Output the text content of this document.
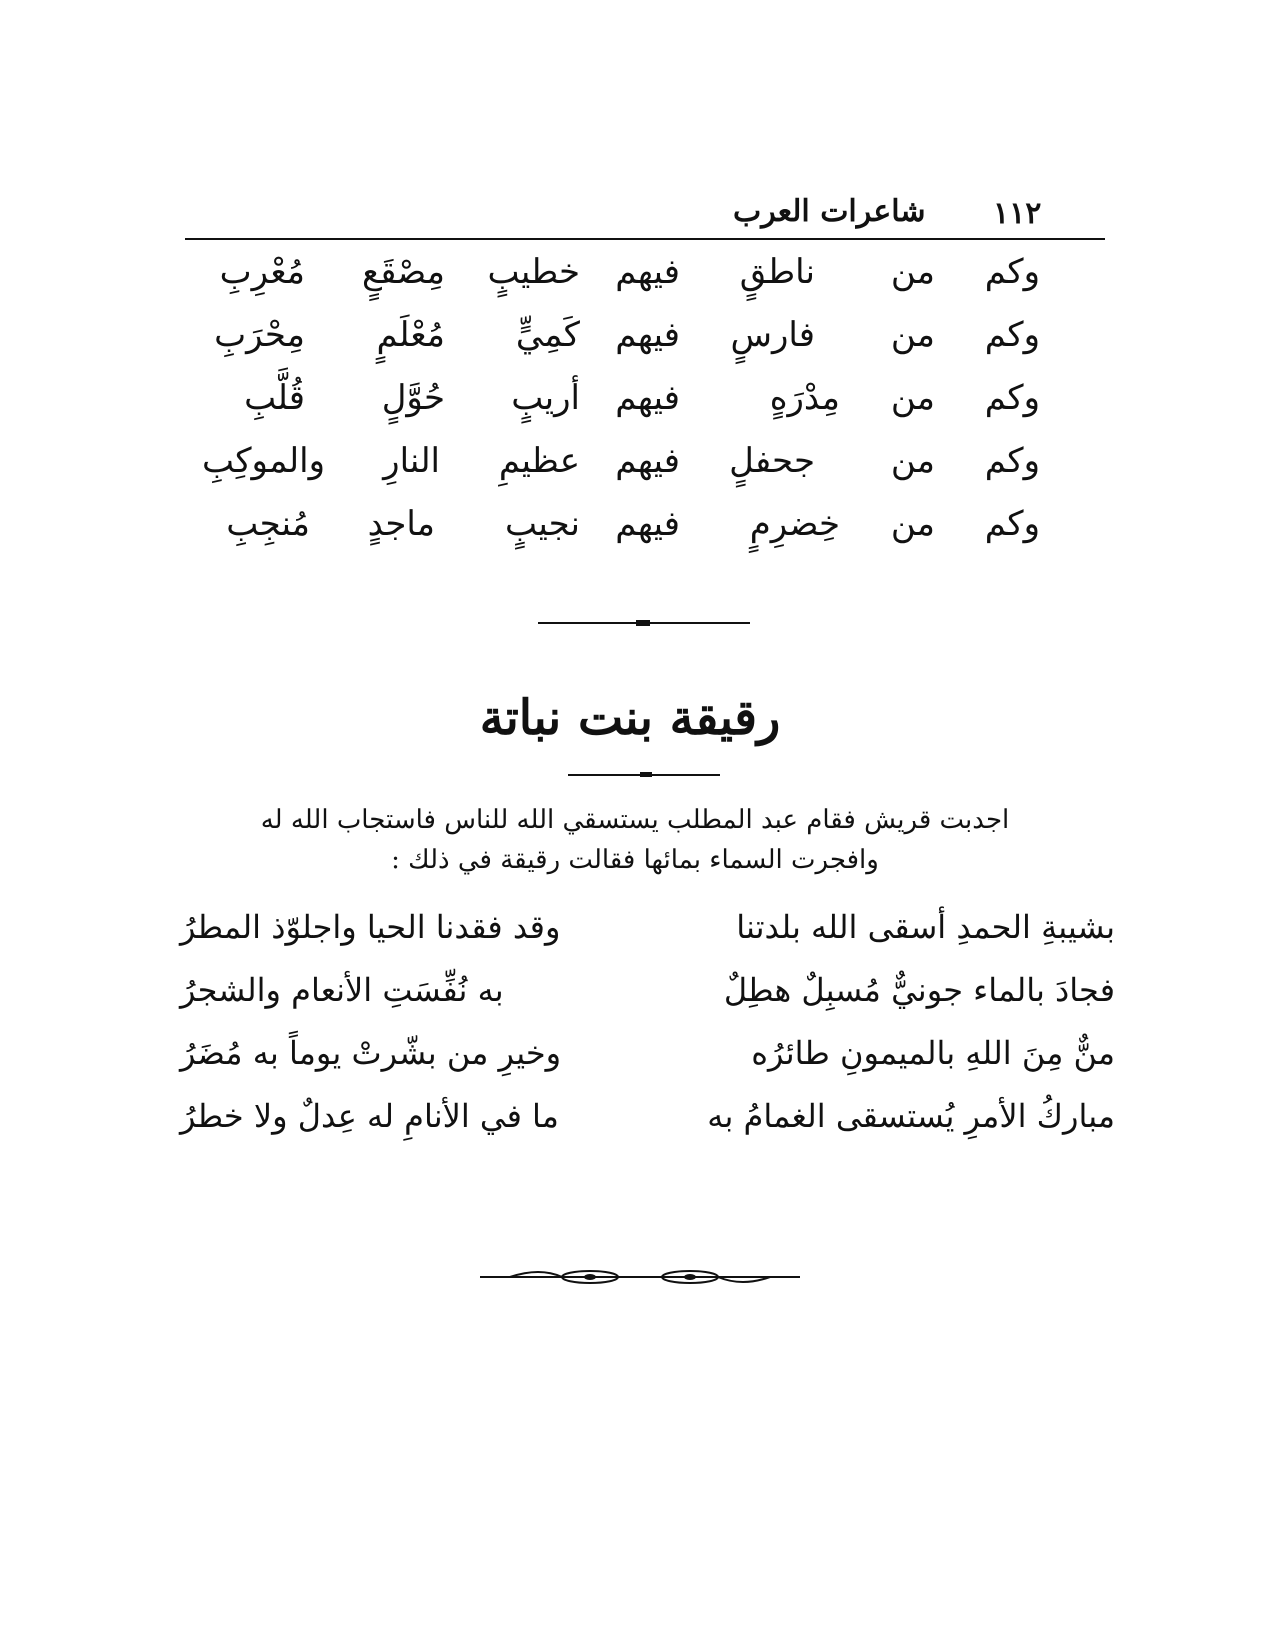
١١٢
شاعرات العرب
وكم
من
ناطقٍ
فيهم
خطيبٍ
مِصْقَعٍ
مُعْرِبِ
وكم
من
فارسٍ
فيهم
كَمِيٍّ
مُعْلَمٍ
مِحْرَبِ
وكم
من
مِدْرَهٍ
فيهم
أريبٍ
حُوَّلٍ
قُلَّبِ
وكم
من
جحفلٍ
فيهم
عظيمِ
النارِ
والموكِبِ
وكم
من
خِضرِمٍ
فيهم
نجيبٍ
ماجدٍ
مُنجِبِ
رقيقة بنت نباتة
اجدبت قريش فقام عبد المطلب يستسقي الله للناس فاستجاب الله له
وافجرت السماء بمائها فقالت رقيقة في ذلك :
بشيبةِ الحمدِ أسقى الله بلدتنا
وقد فقدنا الحيا واجلوّذ المطرُ
فجادَ بالماء جونيٌّ مُسبِلٌ هطِلٌ
به نُفِّسَتِ الأنعام والشجرُ
منٌّ مِنَ اللهِ بالميمونِ طائرُه
وخيرِ من بشّرتْ يوماً به مُضَرُ
مباركُ الأمرِ يُستسقى الغمامُ به
ما في الأنامِ له عِدلٌ ولا خطرُ
